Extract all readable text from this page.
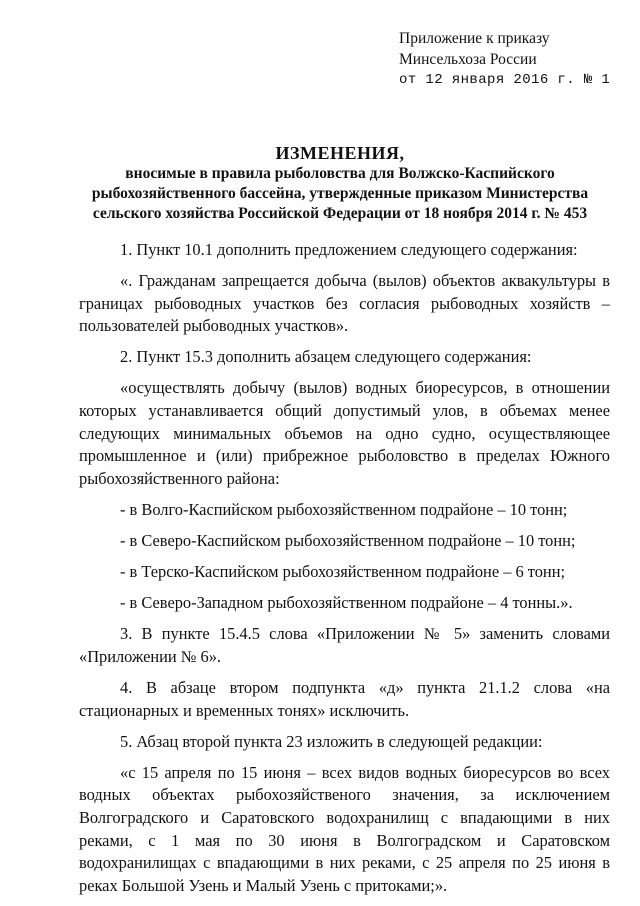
Приложение к приказу
Минсельхоза России
от 12 января 2016 г. № 1
ИЗМЕНЕНИЯ,
вносимые в правила рыболовства для Волжско-Каспийского
рыбохозяйственного бассейна, утвержденные приказом Министерства
сельского хозяйства Российской Федерации от 18 ноября 2014 г. № 453

1. Пункт 10.1 дополнить предложением следующего содержания:

«. Гражданам запрещается добыча (вылов) объектов аквакультуры в границах рыбоводных участков без согласия рыбоводных хозяйств – пользователей рыбоводных участков».

2. Пункт 15.3 дополнить абзацем следующего содержания:

«осуществлять добычу (вылов) водных биоресурсов, в отношении которых устанавливается общий допустимый улов, в объемах менее следующих минимальных объемов на одно судно, осуществляющее промышленное и (или) прибрежное рыболовство в пределах Южного рыбохозяйственного района:

- в Волго-Каспийском рыбохозяйственном подрайоне – 10 тонн;

- в Северо-Каспийском рыбохозяйственном подрайоне – 10 тонн;

- в Терско-Каспийском рыбохозяйственном подрайоне – 6 тонн;

- в Северо-Западном рыбохозяйственном подрайоне – 4 тонны.».

3. В пункте 15.4.5 слова «Приложении № 5» заменить словами «Приложении № 6».

4. В абзаце втором подпункта «д» пункта 21.1.2 слова «на стационарных и временных тонях» исключить.

5. Абзац второй пункта 23 изложить в следующей редакции:

«с 15 апреля по 15 июня – всех видов водных биоресурсов во всех водных объектах рыбохозяйственого значения, за исключением Волгоградского и Саратовского водохранилищ с впадающими в них реками, с 1 мая по 30 июня в Волгоградском и Саратовском водохранилищах с впадающими в них реками, с 25 апреля по 25 июня в реках Большой Узень и Малый Узень с притоками;».
